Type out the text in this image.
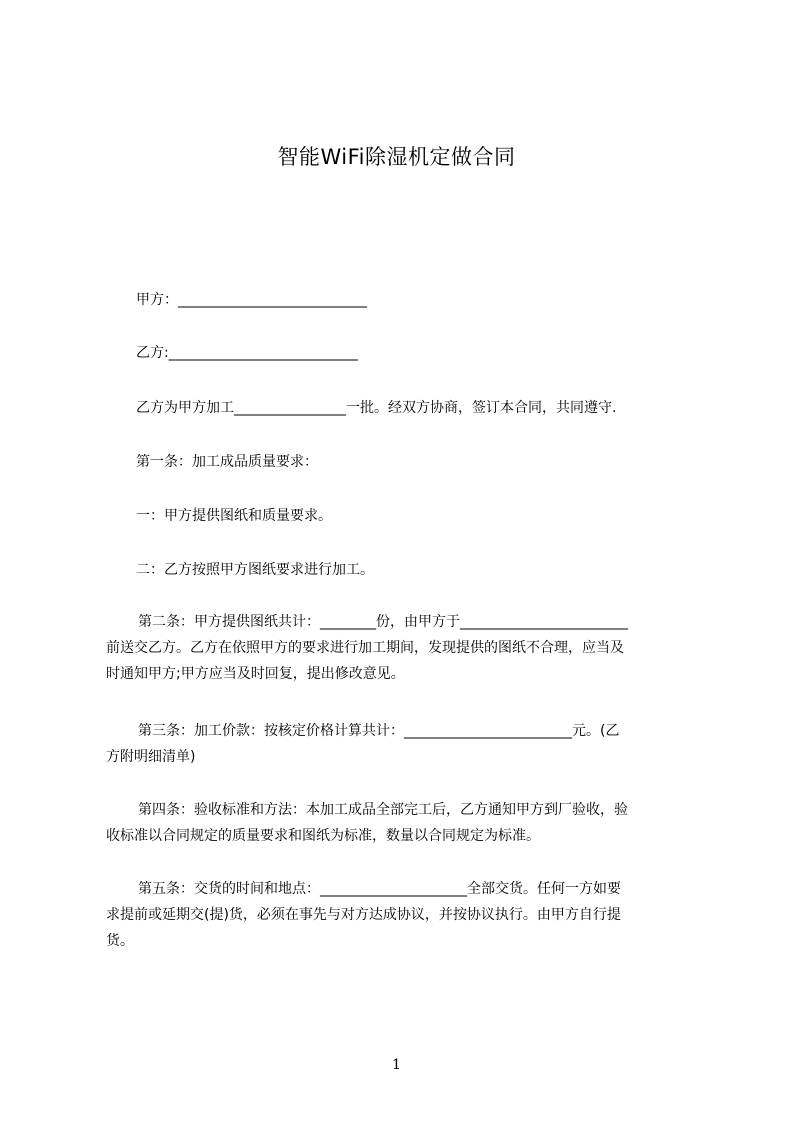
智能WiFi除湿机定做合同
甲方：___________________________
乙方:___________________________
乙方为甲方加工________________一批。经双方协商，签订本合同，共同遵守.
第一条：加工成品质量要求：
一：甲方提供图纸和质量要求。
二：乙方按照甲方图纸要求进行加工。
第二条：甲方提供图纸共计：________份，由甲方于________________________
前送交乙方。乙方在依照甲方的要求进行加工期间，发现提供的图纸不合理，应当及
时通知甲方;甲方应当及时回复，提出修改意见。
第三条：加工价款：按核定价格计算共计：________________________元。(乙
方附明细清单)
第四条：验收标准和方法：本加工成品全部完工后，乙方通知甲方到厂验收，验
收标准以合同规定的质量要求和图纸为标准，数量以合同规定为标准。
第五条：交货的时间和地点：_____________________全部交货。任何一方如要
求提前或延期交(提)货，必须在事先与对方达成协议，并按协议执行。由甲方自行提
货。
1
